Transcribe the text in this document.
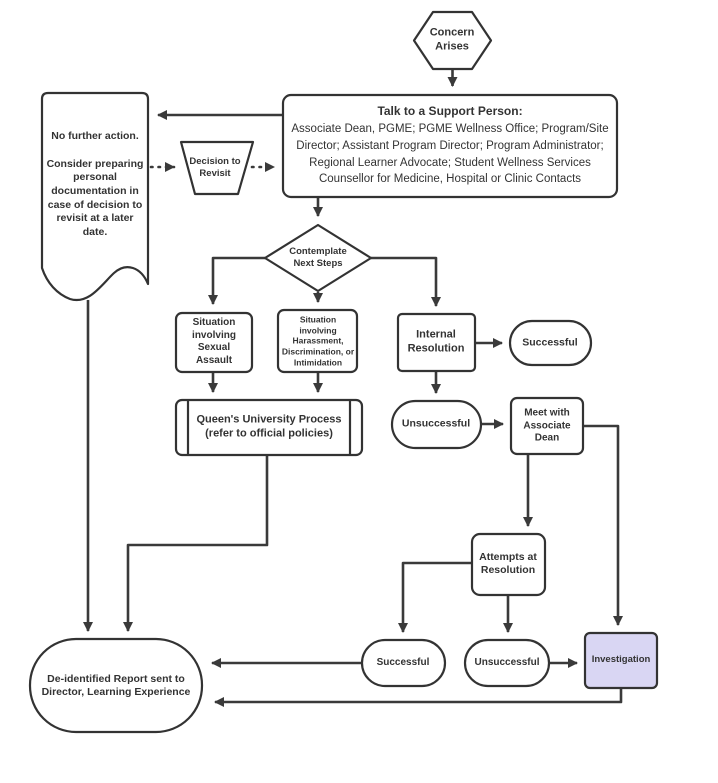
Concern Arises
Talk to a Support Person:
Associate Dean, PGME; PGME Wellness Office; Program/Site Director; Assistant Program Director; Program Administrator; Regional Learner Advocate; Student Wellness Services Counsellor for Medicine, Hospital or Clinic Contacts

No further action.

Consider preparing personal documentation in case of decision to revisit at a later date.

Decision to Revisit
Contemplate Next Steps
Situation involving Sexual Assault
Situation involving Harassment, Discrimination, or Intimidation
Internal Resolution	Successful
Queen's University Process
(refer to official policies)
Unsuccessful
Meet with Associate Dean
Attempts at Resolution
Successful	Unsuccessful	Investigation
De-identified Report sent to
Director, Learning Experience
